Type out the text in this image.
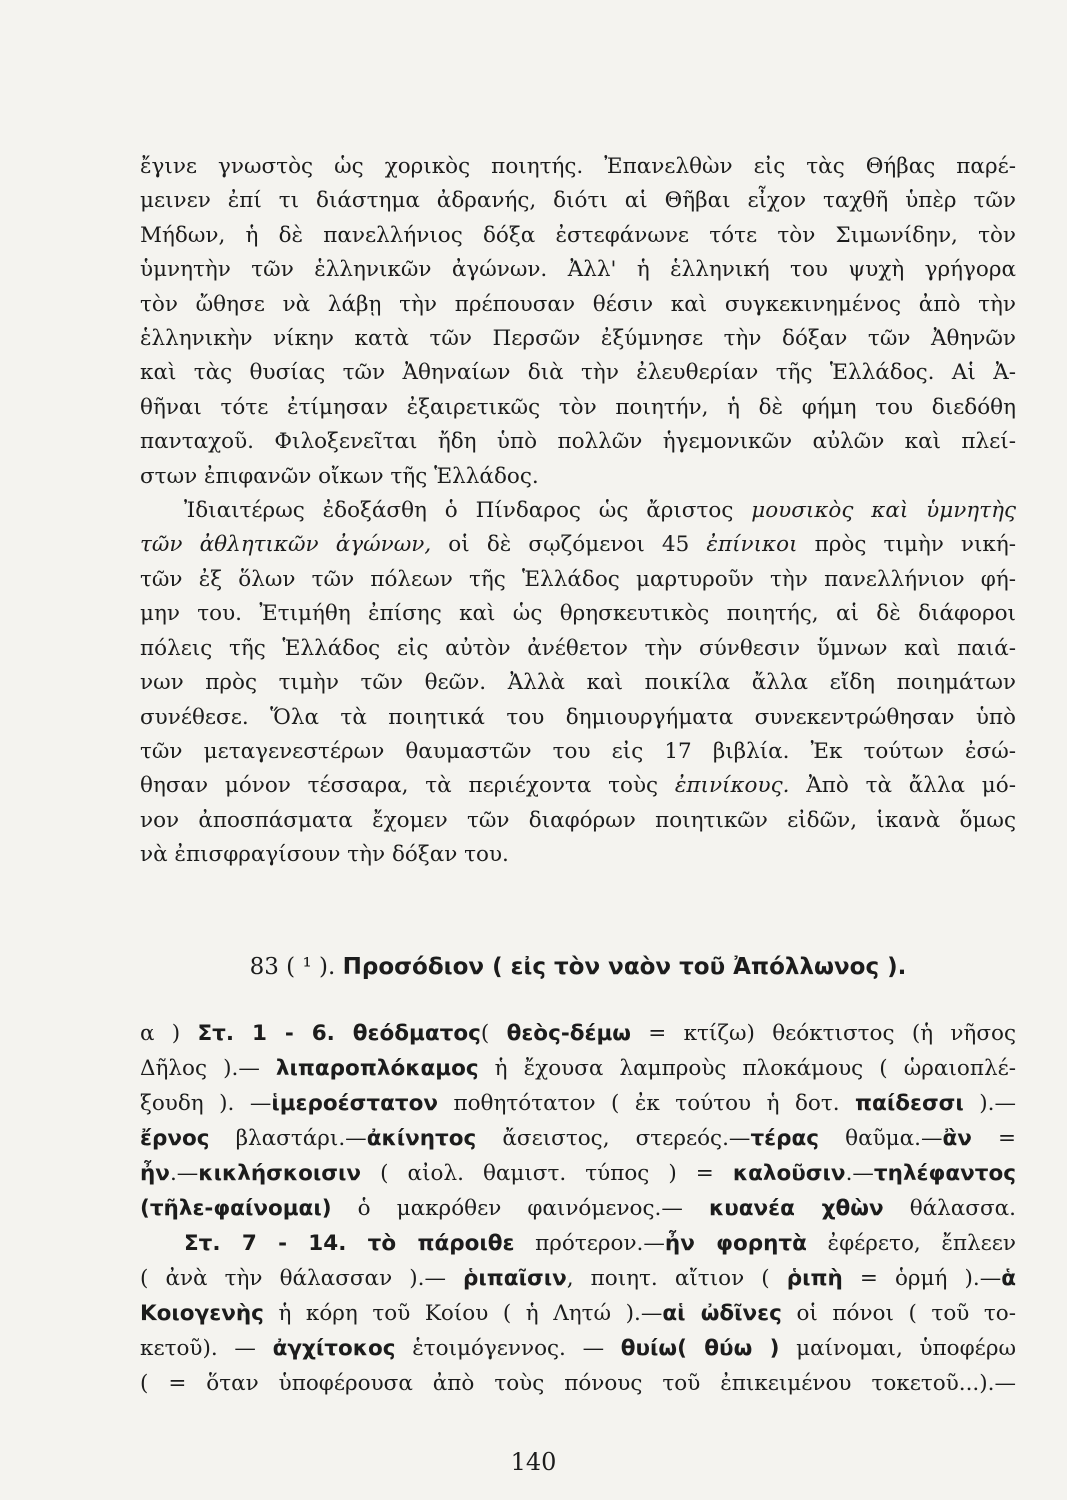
ἔγινε γνωστὸς ὡς χορικὸς ποιητής. Ἐπανελθὼν εἰς τὰς Θήβας παρέ-
μεινεν ἐπί τι διάστημα ἀδρανής, διότι αἱ Θῆβαι εἶχον ταχθῆ ὑπὲρ τῶν
Μήδων, ἡ δὲ πανελλήνιος δόξα ἐστεφάνωνε τότε τὸν Σιμωνίδην, τὸν
ὑμνητὴν τῶν ἑλληνικῶν ἀγώνων. Ἀλλ' ἡ ἑλληνική του ψυχὴ γρήγορα
τὸν ὤθησε νὰ λάβῃ τὴν πρέπουσαν θέσιν καὶ συγκεκινημένος ἀπὸ τὴν
ἑλληνικὴν νίκην κατὰ τῶν Περσῶν ἐξύμνησε τὴν δόξαν τῶν Ἀθηνῶν
καὶ τὰς θυσίας τῶν Ἀθηναίων διὰ τὴν ἐλευθερίαν τῆς Ἑλλάδος. Αἱ Ἀ-
θῆναι τότε ἐτίμησαν ἐξαιρετικῶς τὸν ποιητήν, ἡ δὲ φήμη του διεδόθη
πανταχοῦ. Φιλοξενεῖται ἤδη ὑπὸ πολλῶν ἡγεμονικῶν αὐλῶν καὶ πλεί-
στων ἐπιφανῶν οἴκων τῆς Ἑλλάδος.

Ἰδιαιτέρως ἐδοξάσθη ὁ Πίνδαρος ὡς ἄριστος μουσικὸς καὶ ὑμνητὴς
τῶν ἀθλητικῶν ἀγώνων, οἱ δὲ σῳζόμενοι 45 ἐπίνικοι πρὸς τιμὴν νική-
τῶν ἐξ ὅλων τῶν πόλεων τῆς Ἑλλάδος μαρτυροῦν τὴν πανελλήνιον φή-
μην του. Ἐτιμήθη ἐπίσης καὶ ὡς θρησκευτικὸς ποιητής, αἱ δὲ διάφοροι
πόλεις τῆς Ἑλλάδος εἰς αὐτὸν ἀνέθετον τὴν σύνθεσιν ὕμνων καὶ παιά-
νων πρὸς τιμὴν τῶν θεῶν. Ἀλλὰ καὶ ποικίλα ἄλλα εἴδη ποιημάτων
συνέθεσε. Ὅλα τὰ ποιητικά του δημιουργήματα συνεκεντρώθησαν ὑπὸ
τῶν μεταγενεστέρων θαυμαστῶν του εἰς 17 βιβλία. Ἐκ τούτων ἐσώ-
θησαν μόνον τέσσαρα, τὰ περιέχοντα τοὺς ἐπινίκους. Ἀπὸ τὰ ἄλλα μό-
νον ἀποσπάσματα ἔχομεν τῶν διαφόρων ποιητικῶν εἰδῶν, ἱκανὰ ὅμως
νὰ ἐπισφραγίσουν τὴν δόξαν του.

83 ( ¹ ). Προσόδιον ( εἰς τὸν ναὸν τοῦ Ἀπόλλωνος ).
α ) Στ. 1 - 6. θεόδματος( θεὸς-δέμω = κτίζω) θεόκτιστος (ἡ νῆσος
Δῆλος ).— λιπαροπλόκαμος ἡ ἔχουσα λαμπροὺς πλοκάμους ( ὡραιοπλέ-
ξουδη ). —ἱμεροέστατον ποθητότατον ( ἐκ τούτου ἡ δοτ. παίδεσσι ).—
ἔρνος βλαστάρι.—ἀκίνητος ἄσειστος, στερεός.—τέρας θαῦμα.—ἂν =
ἦν.—κικλήσκοισιν ( αἰολ. θαμιστ. τύπος ) = καλοῦσιν.—τηλέφαντος
(τῆλε-φαίνομαι) ὁ μακρόθεν φαινόμενος.— κυανέα χθὼν θάλασσα.
Στ. 7 - 14. τὸ πάροιθε πρότερον.—ἦν φορητὰ ἐφέρετο, ἔπλεεν
( ἀνὰ τὴν θάλασσαν ).— ῥιπαῖσιν, ποιητ. αἴτιον ( ῥιπὴ = ὁρμή ).—ἁ
Κοιογενὴς ἡ κόρη τοῦ Κοίου ( ἡ Λητώ ).—αἱ ὠδῖνες οἱ πόνοι ( τοῦ το-
κετοῦ). — ἀγχίτοκος ἑτοιμόγεννος. — θυίω( θύω ) μαίνομαι, ὑποφέρω
( = ὅταν ὑποφέρουσα ἀπὸ τοὺς πόνους τοῦ ἐπικειμένου τοκετοῦ...).—
140
